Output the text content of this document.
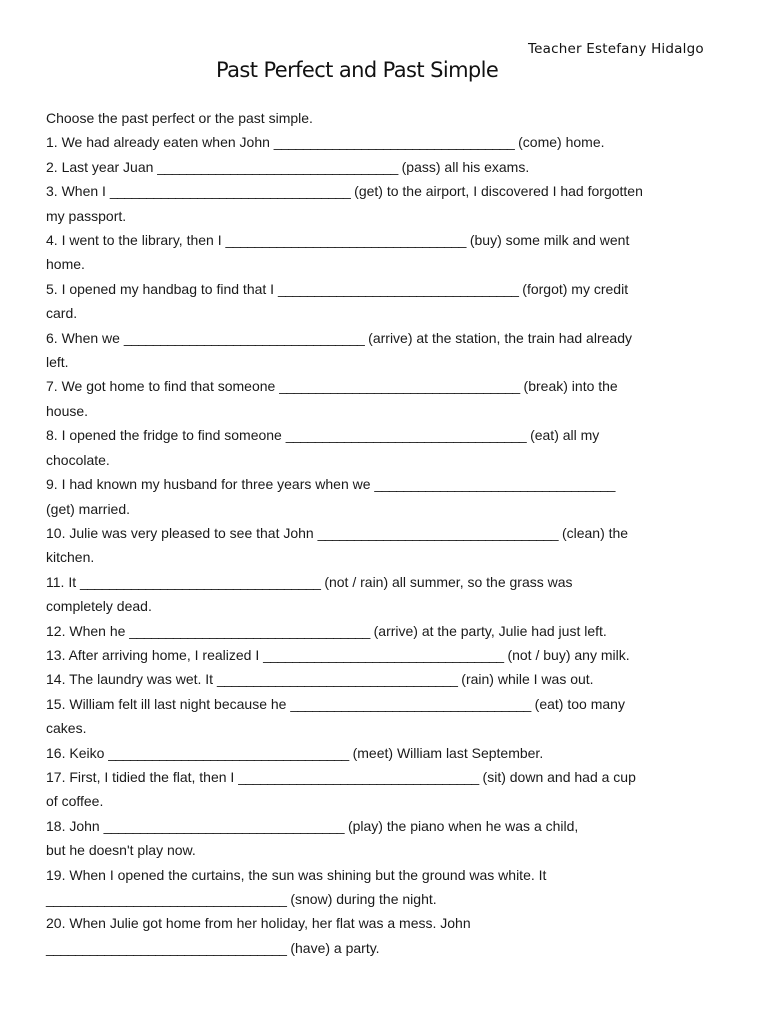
Teacher Estefany Hidalgo
Past Perfect and Past Simple
Choose the past perfect or the past simple.
1. We had already eaten when John _________________________________ (come) home.
2. Last year Juan _________________________________ (pass) all his exams.
3. When I _________________________________ (get) to the airport, I discovered I had forgotten
my passport.
4. I went to the library, then I _________________________________ (buy) some milk and went
home.
5. I opened my handbag to find that I _________________________________ (forgot) my credit
card.
6. When we _________________________________ (arrive) at the station, the train had already
left.
7. We got home to find that someone _________________________________ (break) into the
house.
8. I opened the fridge to find someone _________________________________ (eat) all my
chocolate.
9. I had known my husband for three years when we _________________________________
(get) married.
10. Julie was very pleased to see that John _________________________________ (clean) the
kitchen.
11. It _________________________________ (not / rain) all summer, so the grass was
completely dead.
12. When he _________________________________ (arrive) at the party, Julie had just left.
13. After arriving home, I realized I _________________________________ (not / buy) any milk.
14. The laundry was wet. It _________________________________ (rain) while I was out.
15. William felt ill last night because he _________________________________ (eat) too many
cakes.
16. Keiko _________________________________ (meet) William last September.
17. First, I tidied the flat, then I _________________________________ (sit) down and had a cup
of coffee.
18. John _________________________________ (play) the piano when he was a child,
but he doesn't play now.
19. When I opened the curtains, the sun was shining but the ground was white. It
_________________________________ (snow) during the night.
20. When Julie got home from her holiday, her flat was a mess. John
_________________________________ (have) a party.
